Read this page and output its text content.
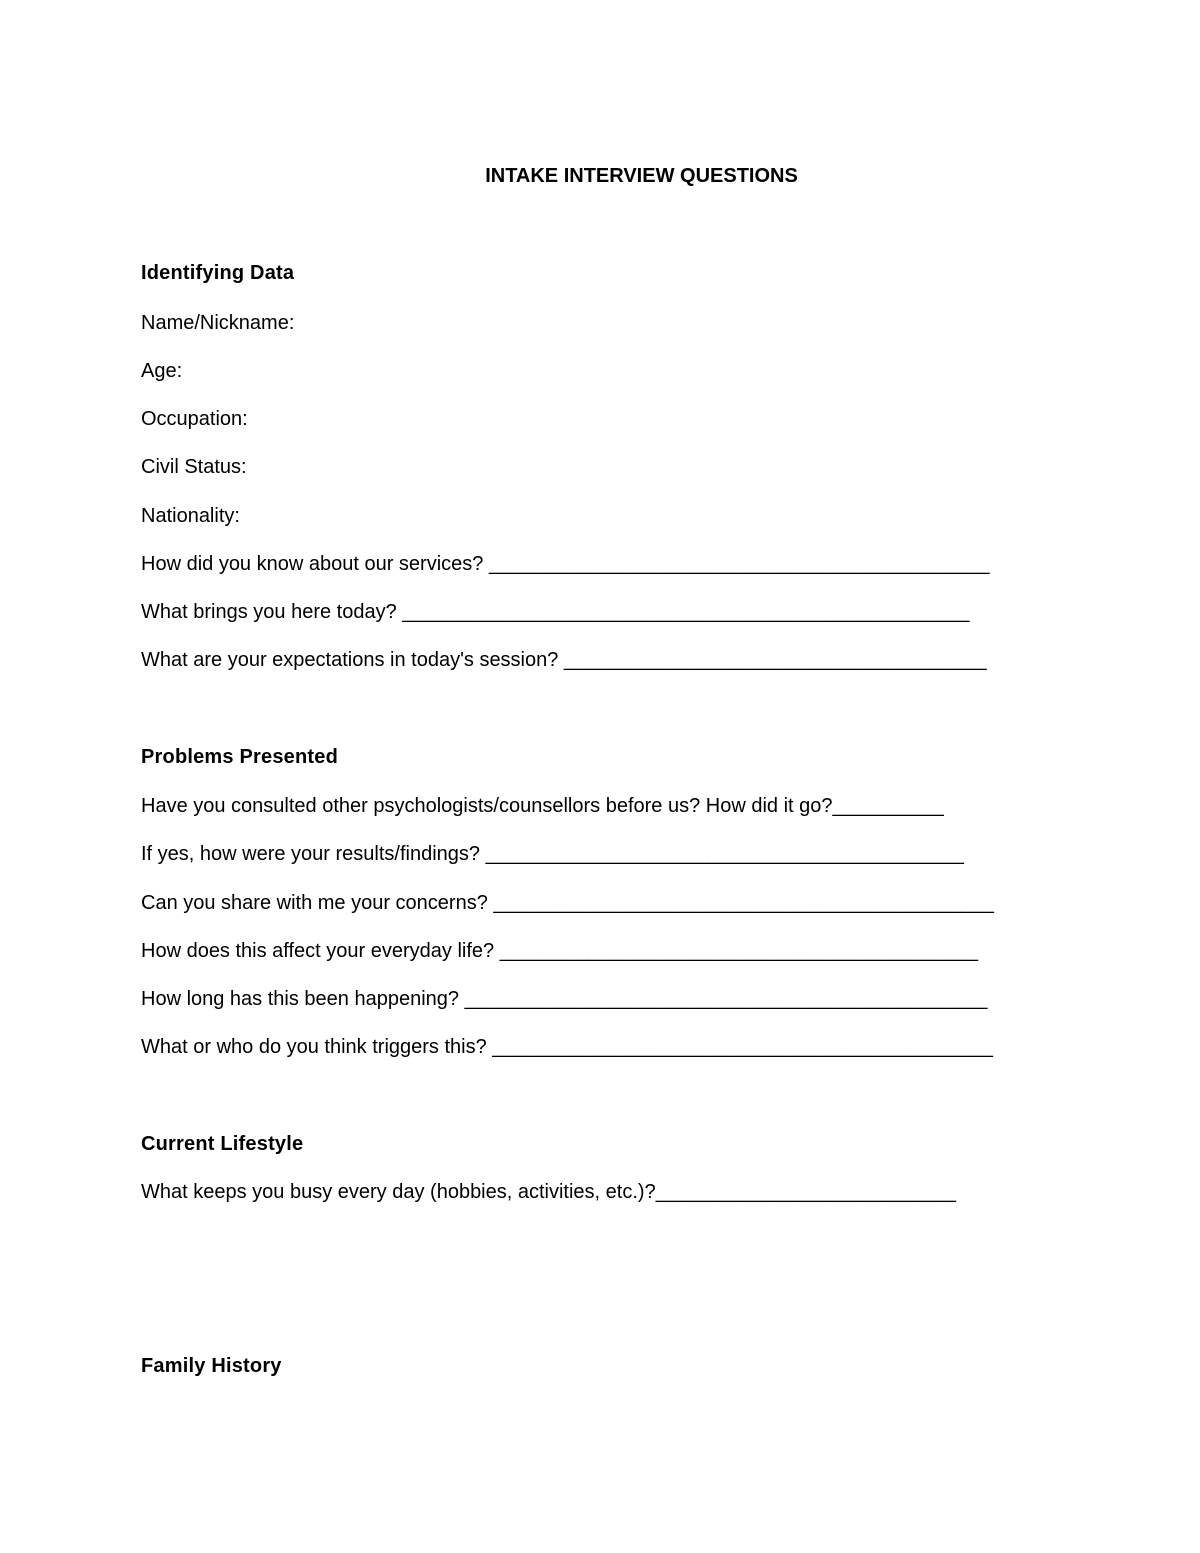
INTAKE INTERVIEW QUESTIONS
Identifying Data
Name/Nickname:
Age:
Occupation:
Civil Status:
Nationality:
How did you know about our services? _____________________________________________
What brings you here today? ___________________________________________________
What are your expectations in today's session? ______________________________________
Problems Presented
Have you consulted other psychologists/counsellors before us? How did it go?__________
If yes, how were your results/findings? ___________________________________________
Can you share with me your concerns? _____________________________________________
How does this affect your everyday life? ___________________________________________
How long has this been happening? _______________________________________________
What or who do you think triggers this? _____________________________________________
Current Lifestyle
What keeps you busy every day (hobbies, activities, etc.)?___________________________
Family History
